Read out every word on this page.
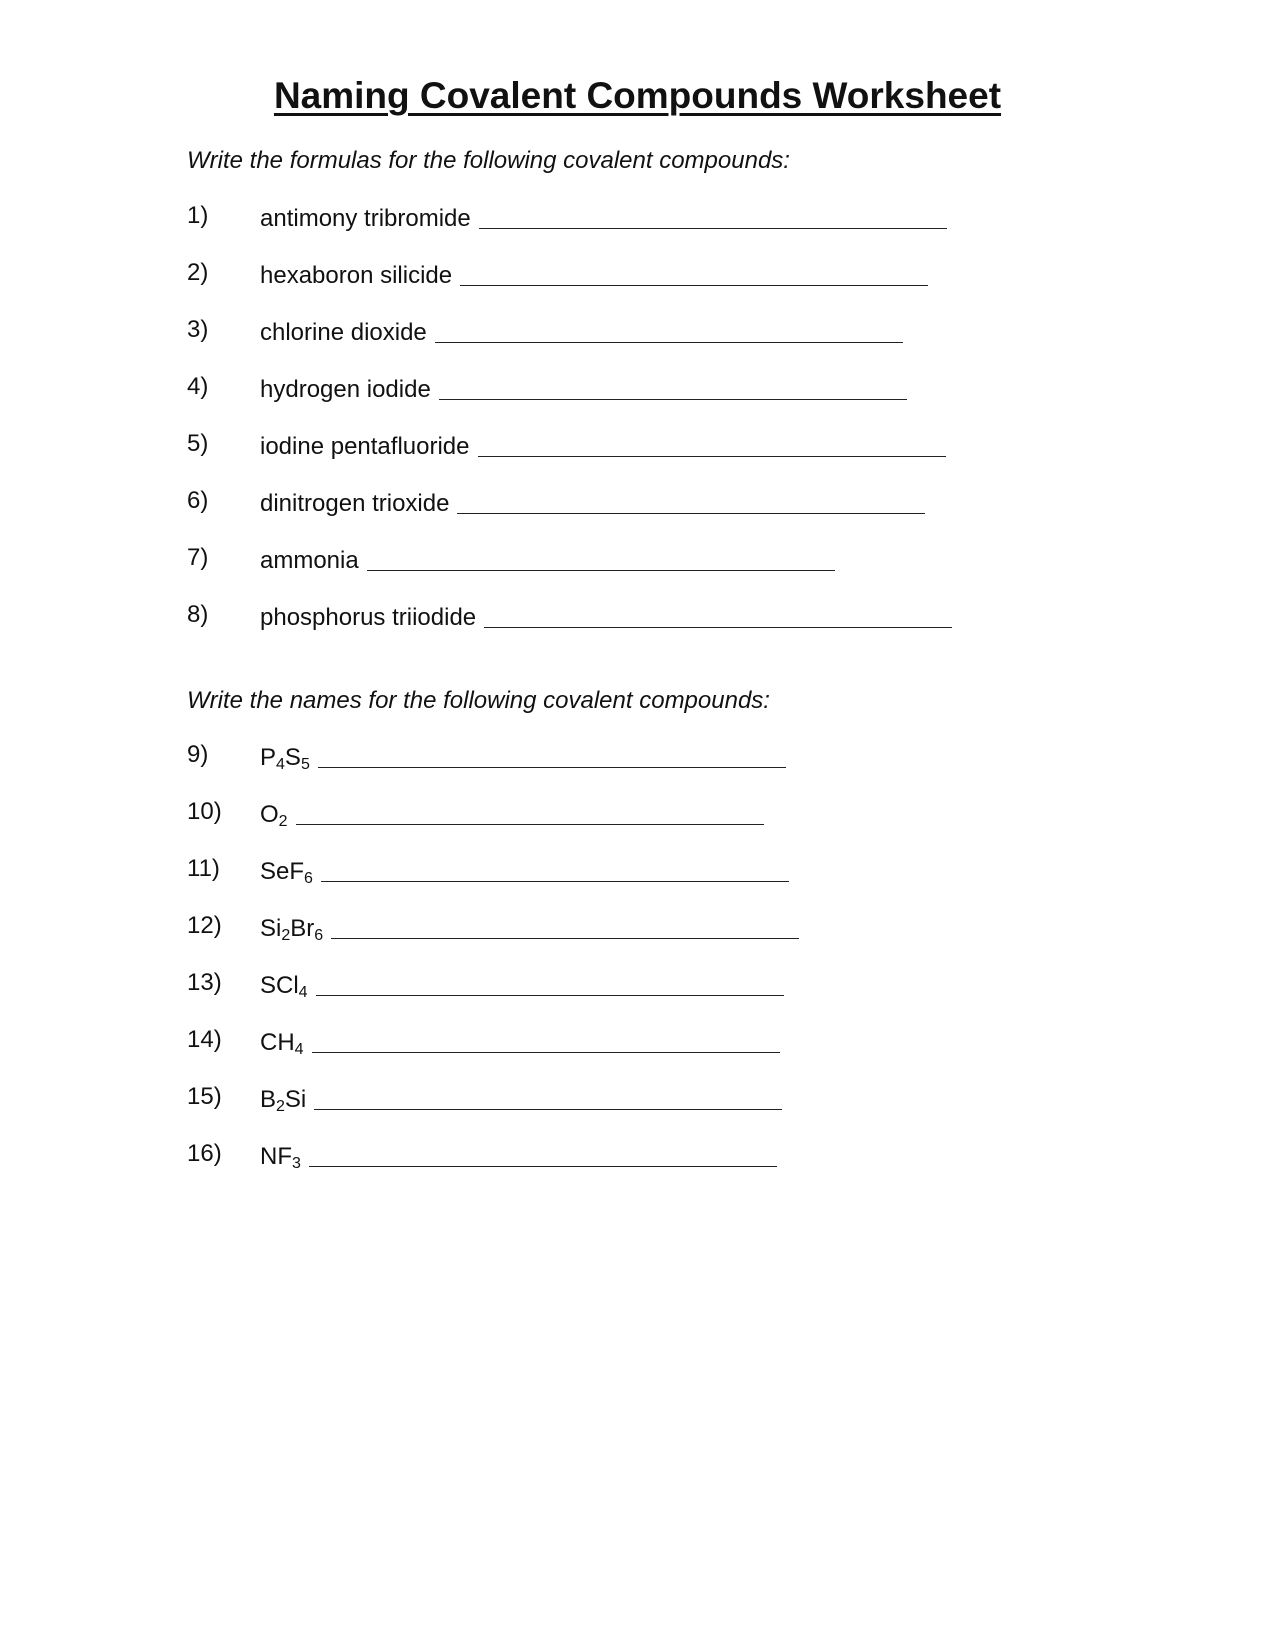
Naming Covalent Compounds Worksheet

Write the formulas for the following covalent compounds:

1) antimony tribromide
2) hexaboron silicide
3) chlorine dioxide
4) hydrogen iodide
5) iodine pentafluoride
6) dinitrogen trioxide
7) ammonia
8) phosphorus triiodide

Write the names for the following covalent compounds:

9) $P_4S_5$
10) $O_2$
11) SeF$_6$
12) $Si_2Br_6$
13) SCl$_4$
14) $CH_4$
15) $B_2Si$
16) $NF_3$
